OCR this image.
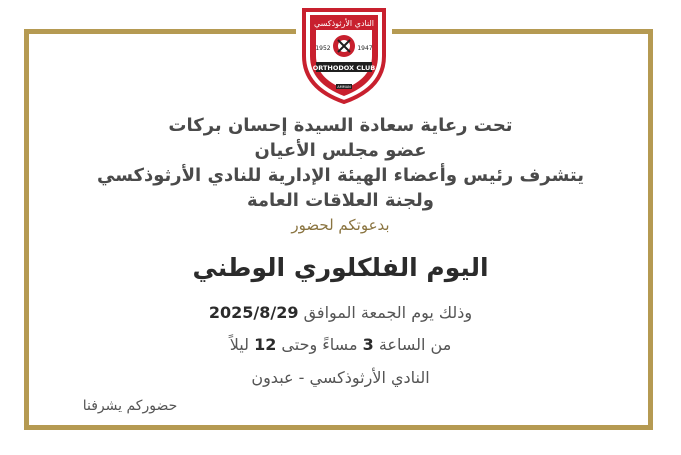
النادي الأرثوذكسي
1952	1947
ORTHODOX CLUB
AMMAN
تحت رعاية سعادة السيدة إحسان بركات
عضو مجلس الأعيان
يتشرف رئيس وأعضاء الهيئة الإدارية للنادي الأرثوذكسي
ولجنة العلاقات العامة
بدعوتكم لحضور
اليوم الفلكلوري الوطني
وذلك يوم الجمعة الموافق 2025/8/29
من الساعة 3 مساءً وحتى 12 ليلاً
النادي الأرثوذكسي - عبدون
حضوركم يشرفنا
